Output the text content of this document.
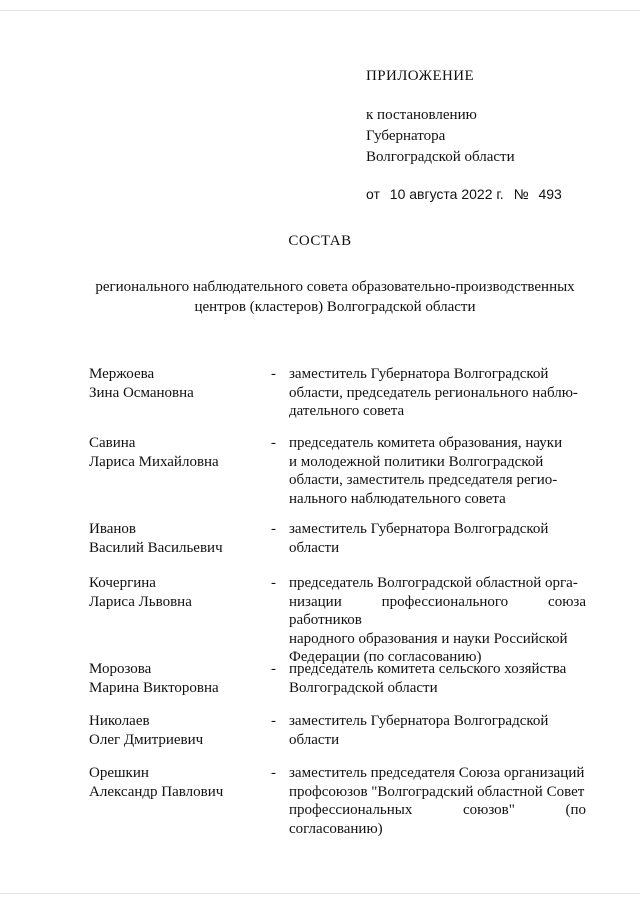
ПРИЛОЖЕНИЕ
к постановлению
Губернатора
Волгоградской области
от 10 августа 2022 г. № 493
СОСТАВ
регионального наблюдательного совета образовательно-производственных
центров (кластеров) Волгоградской области
Мержоева
Зина Османовна
- заместитель Губернатора Волгоградской
области, председатель регионального наблю-
дательного совета
Савина
Лариса Михайловна
- председатель комитета образования, науки
и молодежной политики Волгоградской
области, заместитель председателя регио-
нального наблюдательного совета
Иванов
Василий Васильевич
- заместитель Губернатора Волгоградской
области
Кочергина
Лариса Львовна
- председатель Волгоградской областной орга-
низации профессионального союза работников
народного образования и науки Российской
Федерации (по согласованию)
Морозова
Марина Викторовна
- председатель комитета сельского хозяйства
Волгоградской области
Николаев
Олег Дмитриевич
- заместитель Губернатора Волгоградской
области
Орешкин
Александр Павлович
- заместитель председателя Союза организаций
профсоюзов "Волгоградский областной Совет
профессиональных союзов" (по согласованию)
